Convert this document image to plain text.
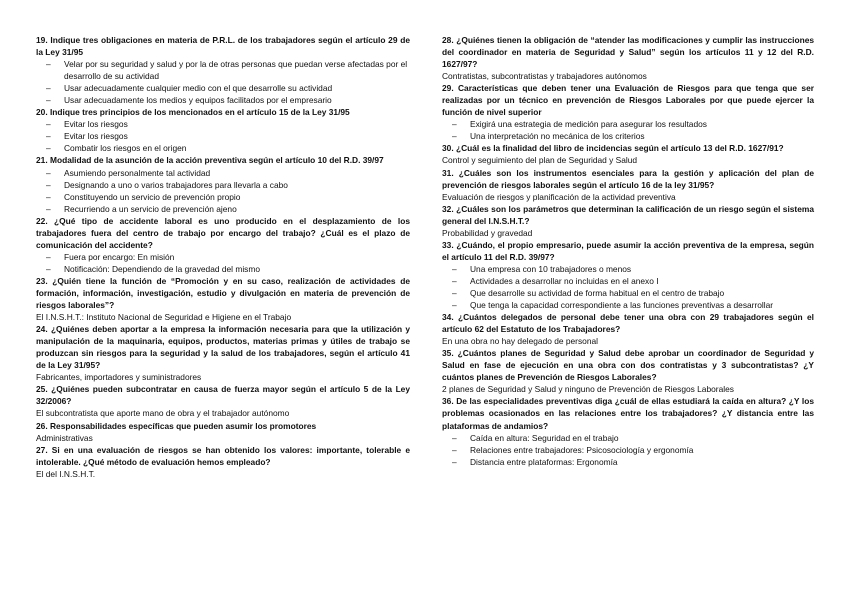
19. Indique tres obligaciones en materia de P.R.L. de los trabajadores según el artículo 29 de la Ley 31/95

– Velar por su seguridad y salud y por la de otras personas que puedan verse afectadas por el desarrollo de su actividad
– Usar adecuadamente cualquier medio con el que desarrolle su actividad
– Usar adecuadamente los medios y equipos facilitados por el empresario

20. Indique tres principios de los mencionados en el artículo 15 de la Ley 31/95

– Evitar los riesgos
– Evitar los riesgos
– Combatir los riesgos en el origen

21. Modalidad de la asunción de la acción preventiva según el artículo 10 del R.D. 39/97

– Asumiendo personalmente tal actividad
– Designando a uno o varios trabajadores para llevarla a cabo
– Constituyendo un servicio de prevención propio
– Recurriendo a un servicio de prevención ajeno

22. ¿Qué tipo de accidente laboral es uno producido en el desplazamiento de los trabajadores fuera del centro de trabajo por encargo del trabajo? ¿Cuál es el plazo de comunicación del accidente?

– Fuera por encargo: En misión
– Notificación: Dependiendo de la gravedad del mismo

23. ¿Quién tiene la función de “Promoción y en su caso, realización de actividades de formación, información, investigación, estudio y divulgación en materia de prevención de riesgos laborales”?

El I.N.S.H.T.: Instituto Nacional de Seguridad e Higiene en el Trabajo

24. ¿Quiénes deben aportar a la empresa la información necesaria para que la utilización y manipulación de la maquinaria, equipos, productos, materias primas y útiles de trabajo se produzcan sin riesgos para la seguridad y la salud de los trabajadores, según el artículo 41 de la Ley 31/95?

Fabricantes, importadores y suministradores

25. ¿Quiénes pueden subcontratar en causa de fuerza mayor según el artículo 5 de la Ley 32/2006?

El subcontratista que aporte mano de obra y el trabajador autónomo

26. Responsabilidades específicas que pueden asumir los promotores

Administrativas

27. Si en una evaluación de riesgos se han obtenido los valores: importante, tolerable e intolerable. ¿Qué método de evaluación hemos empleado?

El del I.N.S.H.T.

28. ¿Quiénes tienen la obligación de “atender las modificaciones y cumplir las instrucciones del coordinador en materia de Seguridad y Salud” según los artículos 11 y 12 del R.D. 1627/97?

Contratistas, subcontratistas y trabajadores autónomos

29. Características que deben tener una Evaluación de Riesgos para que tenga que ser realizadas por un técnico en prevención de Riesgos Laborales por que puede ejercer la función de nivel superior

– Exigirá una estrategia de medición para asegurar los resultados
– Una interpretación no mecánica de los criterios

30. ¿Cuál es la finalidad del libro de incidencias según el artículo 13 del R.D. 1627/91?

Control y seguimiento del plan de Seguridad y Salud

31. ¿Cuáles son los instrumentos esenciales para la gestión y aplicación del plan de prevención de riesgos laborales según el artículo 16 de la ley 31/95?

Evaluación de riesgos y planificación de la actividad preventiva

32. ¿Cuáles son los parámetros que determinan la calificación de un riesgo según el sistema general del I.N.S.H.T.?

Probabilidad y gravedad

33. ¿Cuándo, el propio empresario, puede asumir la acción preventiva de la empresa, según el artículo 11 del R.D. 39/97?

– Una empresa con 10 trabajadores o menos
– Actividades a desarrollar no incluidas en el anexo I
– Que desarrolle su actividad de forma habitual en el centro de trabajo
– Que tenga la capacidad correspondiente a las funciones preventivas a desarrollar

34. ¿Cuántos delegados de personal debe tener una obra con 29 trabajadores según el artículo 62 del Estatuto de los Trabajadores?

En una obra no hay delegado de personal

35. ¿Cuántos planes de Seguridad y Salud debe aprobar un coordinador de Seguridad y Salud en fase de ejecución en una obra con dos contratistas y 3 subcontratistas? ¿Y cuántos planes de Prevención de Riesgos Laborales?

2 planes de Seguridad y Salud y ninguno de Prevención de Riesgos Laborales

36. De las especialidades preventivas diga ¿cuál de ellas estudiará la caída en altura? ¿Y los problemas ocasionados en las relaciones entre los trabajadores? ¿Y distancia entre las plataformas de andamios?

– Caída en altura: Seguridad en el trabajo
– Relaciones entre trabajadores: Psicosociología y ergonomía
– Distancia entre plataformas: Ergonomía
